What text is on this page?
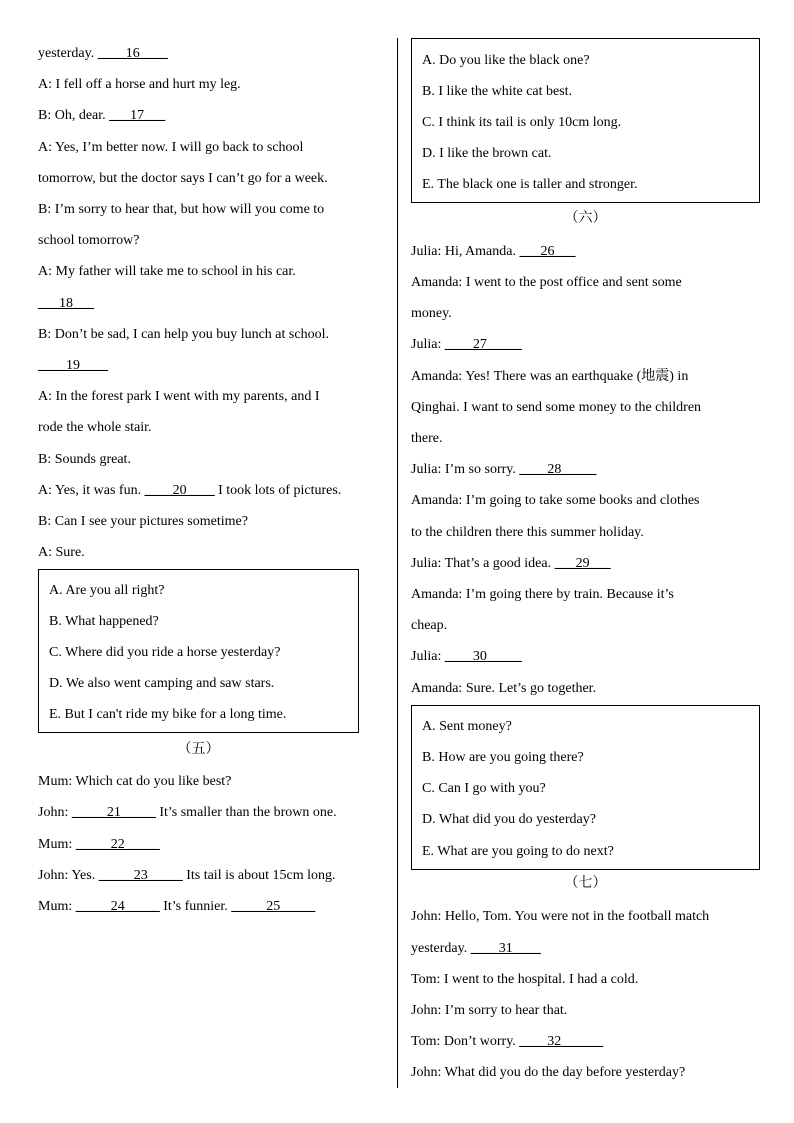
yesterday. ____16____
A: I fell off a horse and hurt my leg.
B: Oh, dear. ___17___
A: Yes, I’m better now. I will go back to school
tomorrow, but the doctor says I can’t go for a week.
B: I’m sorry to hear that, but how will you come to
school tomorrow?
A: My father will take me to school in his car.
___18___
B: Don’t be sad, I can help you buy lunch at school.
____19____
A: In the forest park I went with my parents, and I
rode the whole stair.
B: Sounds great.
A: Yes, it was fun. ____20____ I took lots of pictures.
B: Can I see your pictures sometime?
A: Sure.
A. Are you all right?
B. What happened?
C. Where did you ride a horse yesterday?
D. We also went camping and saw stars.
E. But I can't ride my bike for a long time.
（五）
Mum: Which cat do you like best?
John: _____21_____ It’s smaller than the brown one.
Mum: _____22_____
John: Yes. _____23_____ Its tail is about 15cm long.
Mum: _____24_____ It’s funnier. _____25_____
A. Do you like the black one?
B. I like the white cat best.
C. I think its tail is only 10cm long.
D. I like the brown cat.
E. The black one is taller and stronger.
（六）
Julia: Hi, Amanda. ___26___
Amanda: I went to the post office and sent some
money.
Julia: ____27_____
Amanda: Yes! There was an earthquake (地震) in
Qinghai. I want to send some money to the children
there.
Julia: I’m so sorry. ____28_____
Amanda: I’m going to take some books and clothes
to the children there this summer holiday.
Julia: That’s a good idea. ___29___
Amanda: I’m going there by train. Because it’s
cheap.
Julia: ____30_____
Amanda: Sure. Let’s go together.
A. Sent money?
B. How are you going there?
C. Can I go with you?
D. What did you do yesterday?
E. What are you going to do next?
（七）
John: Hello, Tom. You were not in the football match
yesterday. ____31____
Tom: I went to the hospital. I had a cold.
John: I’m sorry to hear that.
Tom: Don’t worry. ____32______
John: What did you do the day before yesterday?
